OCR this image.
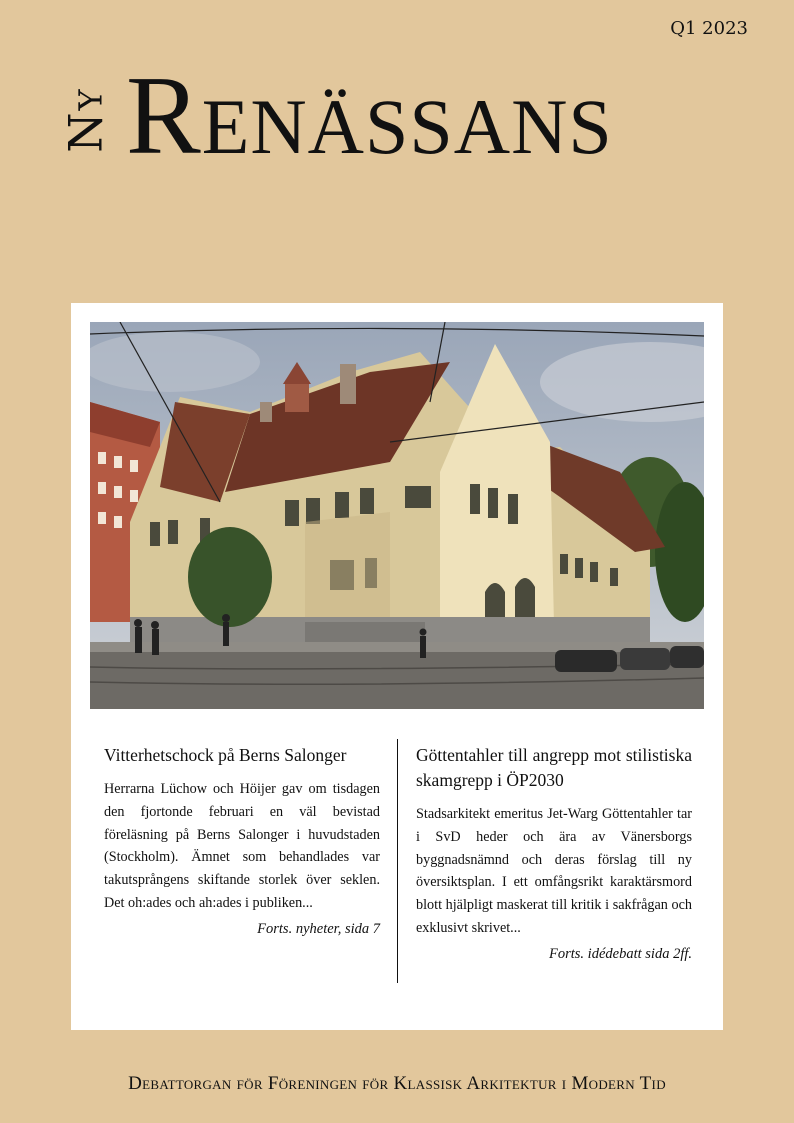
Q1 2023
Ny Renässans
Vitterhetschock på Berns Salonger

Herrarna Lüchow och Höijer gav om tisdagen den fjortonde februari en väl bevistad föreläsning på Berns Salonger i huvudstaden (Stockholm). Ämnet som behandlades var takutsprångens skiftande storlek över seklen. Det oh:ades och ah:ades i publiken...

Forts. nyheter, sida 7
Göttentahler till angrepp mot stilistiska skamgrepp i ÖP2030

Stadsarkitekt emeritus Jet-Warg Göttentahler tar i SvD heder och ära av Vänersborgs byggnadsnämnd och deras förslag till ny översiktsplan. I ett omfångsrikt karaktärsmord blott hjälpligt maskerat till kritik i sakfrågan och exklusivt skrivet...

Forts. idédebatt sida 2ff.
Debattorgan för Föreningen för Klassisk Arkitektur i Modern Tid
